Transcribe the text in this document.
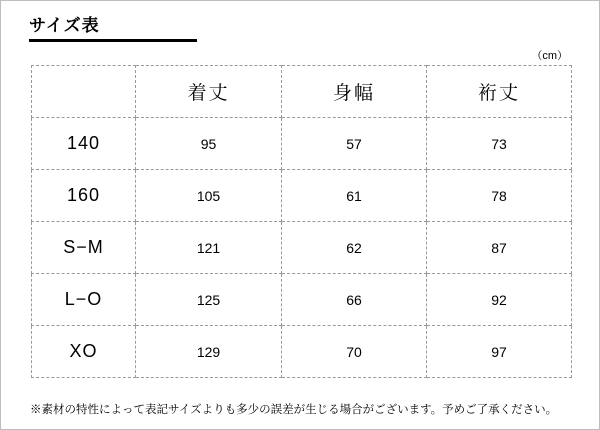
サイズ表
（cm）
	着丈	身幅	裄丈
140	95	57	73
160	105	61	78
S−M	121	62	87
L−O	125	66	92
XO	129	70	97
※素材の特性によって表記サイズよりも多少の誤差が生じる場合がございます。予めご了承ください。
